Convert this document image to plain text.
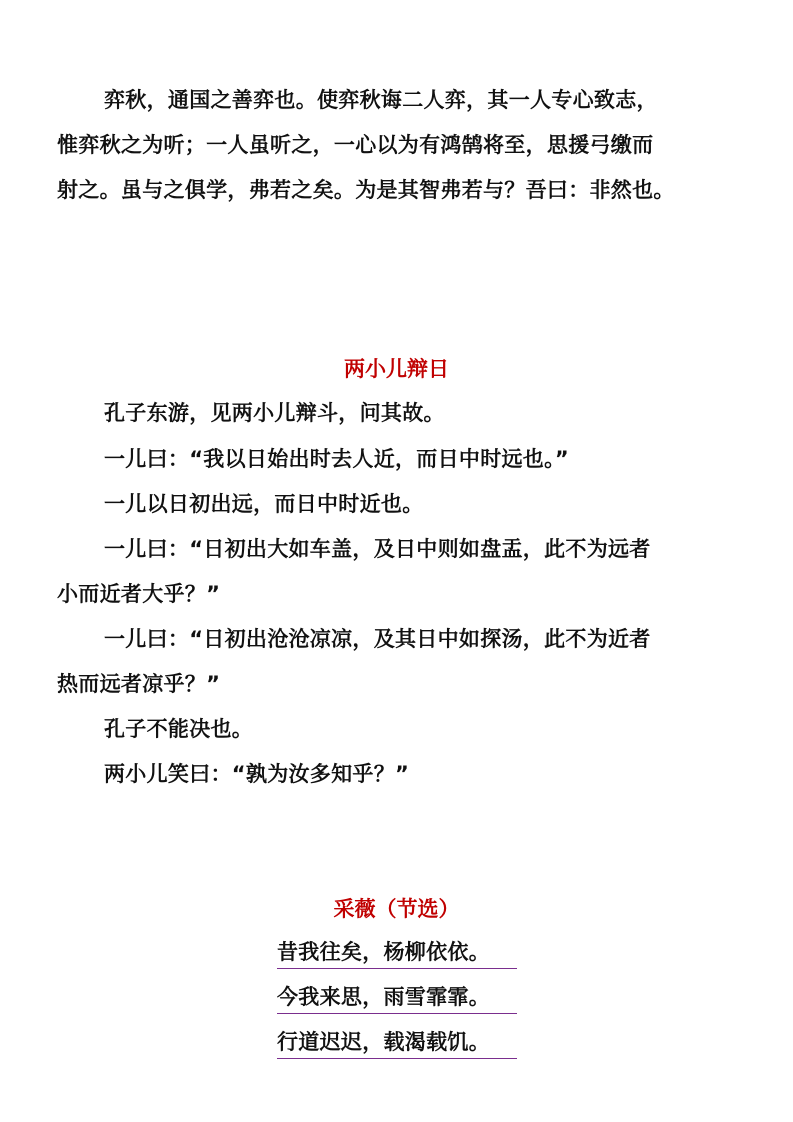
弈秋，通国之善弈也。使弈秋诲二人弈，其一人专心致志，
惟弈秋之为听；一人虽听之，一心以为有鸿鹄将至，思援弓缴而
射之。虽与之俱学，弗若之矣。为是其智弗若与？吾曰：非然也。
两小儿辩日
孔子东游，见两小儿辩斗，问其故。
一儿曰：“我以日始出时去人近，而日中时远也。”
一儿以日初出远，而日中时近也。
一儿曰：“日初出大如车盖，及日中则如盘盂，此不为远者
小而近者大乎？”
一儿曰：“日初出沧沧凉凉，及其日中如探汤，此不为近者
热而远者凉乎？”
孔子不能决也。
两小儿笑曰：“孰为汝多知乎？”
采薇（节选）
昔我往矣，杨柳依依。
今我来思，雨雪霏霏。
行道迟迟，载渴载饥。
